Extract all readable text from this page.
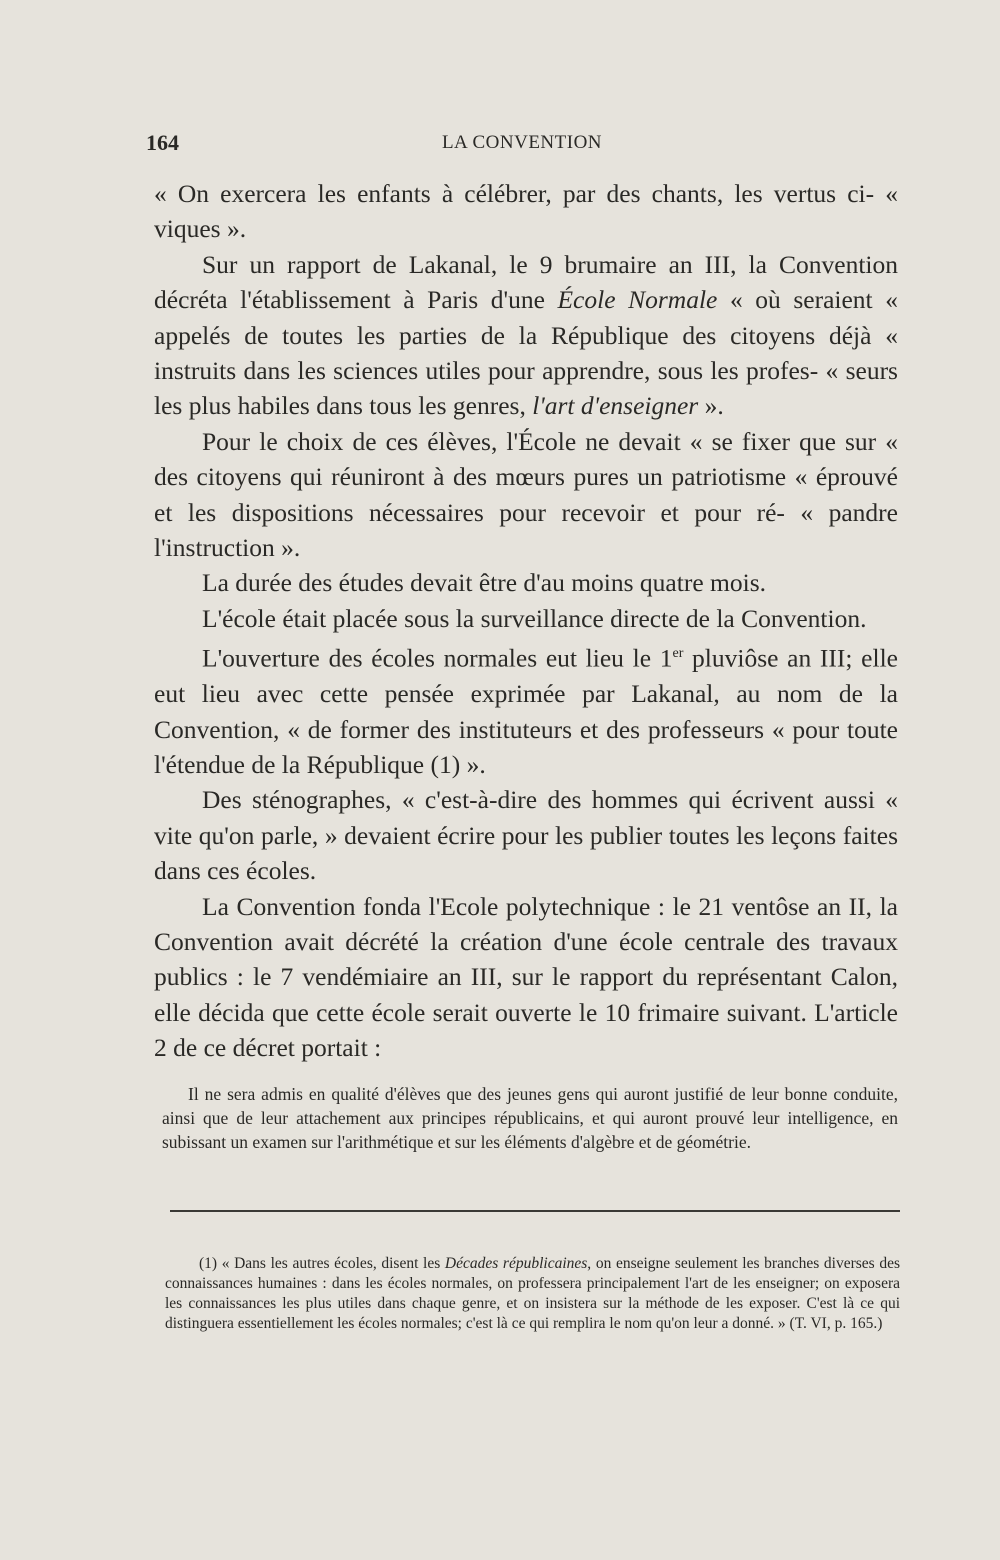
164	LA CONVENTION

« On exercera les enfants à célébrer, par des chants, les vertus ci- « viques ».

Sur un rapport de Lakanal, le 9 brumaire an III, la Convention décréta l'établissement à Paris d'une École Normale « où seraient « appelés de toutes les parties de la République des citoyens déjà « instruits dans les sciences utiles pour apprendre, sous les profes- « seurs les plus habiles dans tous les genres, l'art d'enseigner ».

Pour le choix de ces élèves, l'École ne devait « se fixer que sur « des citoyens qui réuniront à des mœurs pures un patriotisme « éprouvé et les dispositions nécessaires pour recevoir et pour ré- « pandre l'instruction ».

La durée des études devait être d'au moins quatre mois.

L'école était placée sous la surveillance directe de la Convention.

L'ouverture des écoles normales eut lieu le 1er pluviôse an III; elle eut lieu avec cette pensée exprimée par Lakanal, au nom de la Convention, « de former des instituteurs et des professeurs « pour toute l'étendue de la République (1) ».

Des sténographes, « c'est-à-dire des hommes qui écrivent aussi « vite qu'on parle, » devaient écrire pour les publier toutes les leçons faites dans ces écoles.

La Convention fonda l'Ecole polytechnique : le 21 ventôse an II, la Convention avait décrété la création d'une école centrale des travaux publics : le 7 vendémiaire an III, sur le rapport du représentant Calon, elle décida que cette école serait ouverte le 10 frimaire suivant. L'article 2 de ce décret portait :

Il ne sera admis en qualité d'élèves que des jeunes gens qui auront justifié de leur bonne conduite, ainsi que de leur attachement aux principes républicains, et qui auront prouvé leur intelligence, en subissant un examen sur l'arithmétique et sur les éléments d'algèbre et de géométrie.

(1) « Dans les autres écoles, disent les Décades républicaines, on enseigne seulement les branches diverses des connaissances humaines : dans les écoles normales, on professera principalement l'art de les enseigner; on exposera les connaissances les plus utiles dans chaque genre, et on insistera sur la méthode de les exposer. C'est là ce qui distinguera essentiellement les écoles normales; c'est là ce qui remplira le nom qu'on leur a donné. » (T. VI, p. 165.)
